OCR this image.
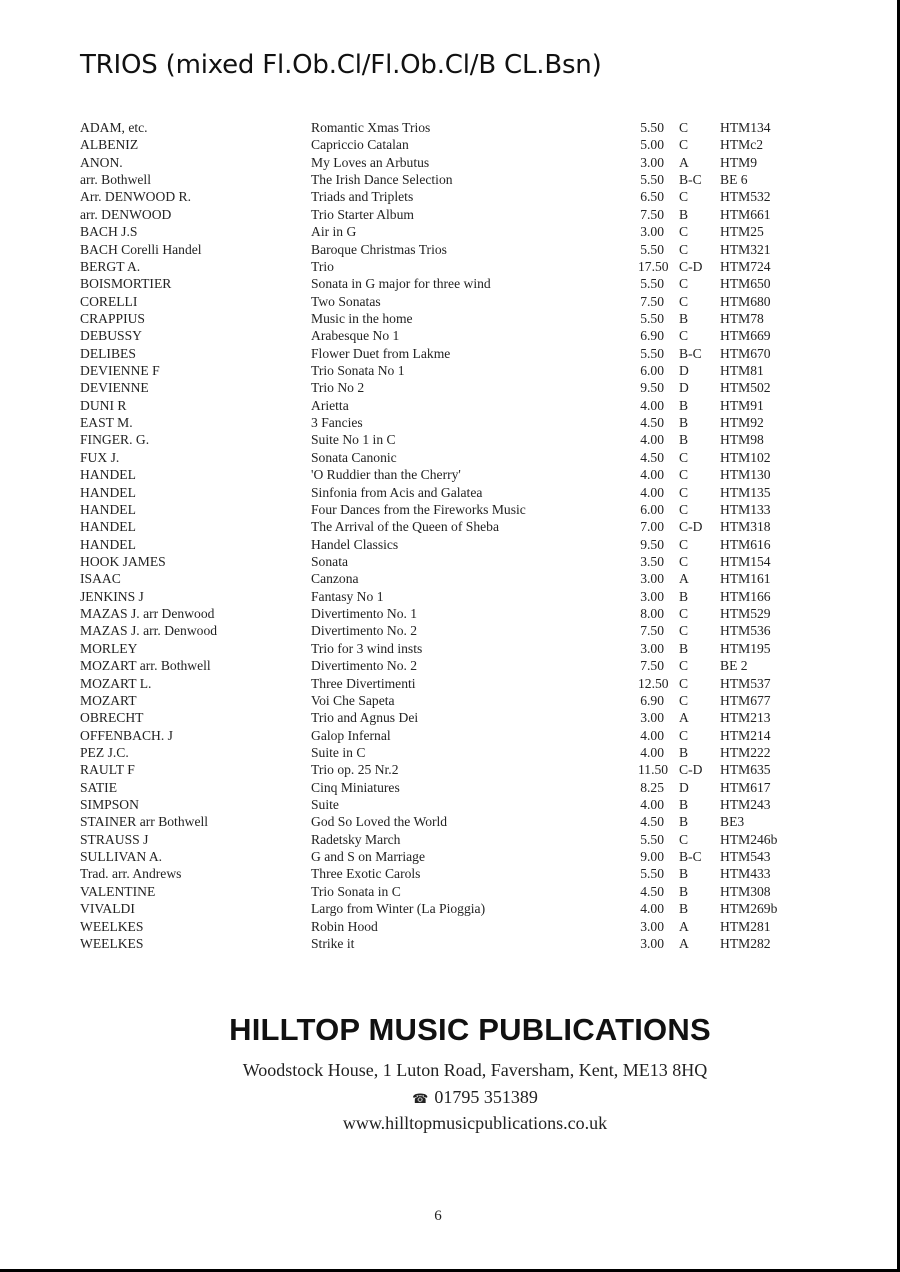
TRIOS (mixed Fl.Ob.Cl/Fl.Ob.Cl/B CL.Bsn)
ADAM, etc.	Romantic Xmas Trios	5.50 C HTM134
ALBENIZ	Capriccio Catalan	5.00 C HTMc2
ANON.	My Loves an Arbutus	3.00 A HTM9
arr. Bothwell	The Irish Dance Selection	5.50 B-C BE 6
Arr. DENWOOD R.	Triads and Triplets	6.50 C HTM532
arr. DENWOOD	Trio Starter Album	7.50 B HTM661
BACH J.S	Air in G	3.00 C HTM25
BACH Corelli Handel	Baroque Christmas Trios	5.50 C HTM321
BERGT A.	Trio	17.50 C-D HTM724
BOISMORTIER	Sonata in G major for three wind	5.50 C HTM650
CORELLI	Two Sonatas	7.50 C HTM680
CRAPPIUS	Music in the home	5.50 B HTM78
DEBUSSY	Arabesque No 1	6.90 C HTM669
DELIBES	Flower Duet from Lakme	5.50 B-C HTM670
DEVIENNE F	Trio Sonata No 1	6.00 D HTM81
DEVIENNE	Trio No 2	9.50 D HTM502
DUNI R	Arietta	4.00 B HTM91
EAST M.	3 Fancies	4.50 B HTM92
FINGER. G.	Suite No 1 in C	4.00 B HTM98
FUX J.	Sonata Canonic	4.50 C HTM102
HANDEL	'O Ruddier than the Cherry'	4.00 C HTM130
HANDEL	Sinfonia from Acis and Galatea	4.00 C HTM135
HANDEL	Four Dances from the Fireworks Music	6.00 C HTM133
HANDEL	The Arrival of the Queen of Sheba	7.00 C-D HTM318
HANDEL	Handel Classics	9.50 C HTM616
HOOK JAMES	Sonata	3.50 C HTM154
ISAAC	Canzona	3.00 A HTM161
JENKINS J	Fantasy No 1	3.00 B HTM166
MAZAS J. arr Denwood	Divertimento No. 1	8.00 C HTM529
MAZAS J. arr. Denwood	Divertimento No. 2	7.50 C HTM536
MORLEY	Trio for 3 wind insts	3.00 B HTM195
MOZART arr. Bothwell	Divertimento No. 2	7.50 C BE 2
MOZART L.	Three Divertimenti	12.50 C HTM537
MOZART	Voi Che Sapeta	6.90 C HTM677
OBRECHT	Trio and Agnus Dei	3.00 A HTM213
OFFENBACH. J	Galop Infernal	4.00 C HTM214
PEZ J.C.	Suite in C	4.00 B HTM222
RAULT F	Trio op. 25 Nr.2	11.50 C-D HTM635
SATIE	Cinq Miniatures	8.25 D HTM617
SIMPSON	Suite	4.00 B HTM243
STAINER arr Bothwell	God So Loved the World	4.50 B BE3
STRAUSS J	Radetsky March	5.50 C HTM246b
SULLIVAN A.	G and S on Marriage	9.00 B-C HTM543
Trad. arr. Andrews	Three Exotic Carols	5.50 B HTM433
VALENTINE	Trio Sonata in C	4.50 B HTM308
VIVALDI	Largo from Winter (La Pioggia)	4.00 B HTM269b
WEELKES	Robin Hood	3.00 A HTM281
WEELKES	Strike it	3.00 A HTM282
HILLTOP MUSIC PUBLICATIONS
Woodstock House, 1 Luton Road, Faversham, Kent, ME13 8HQ
☎ 01795 351389
www.hilltopmusicpublications.co.uk
6
